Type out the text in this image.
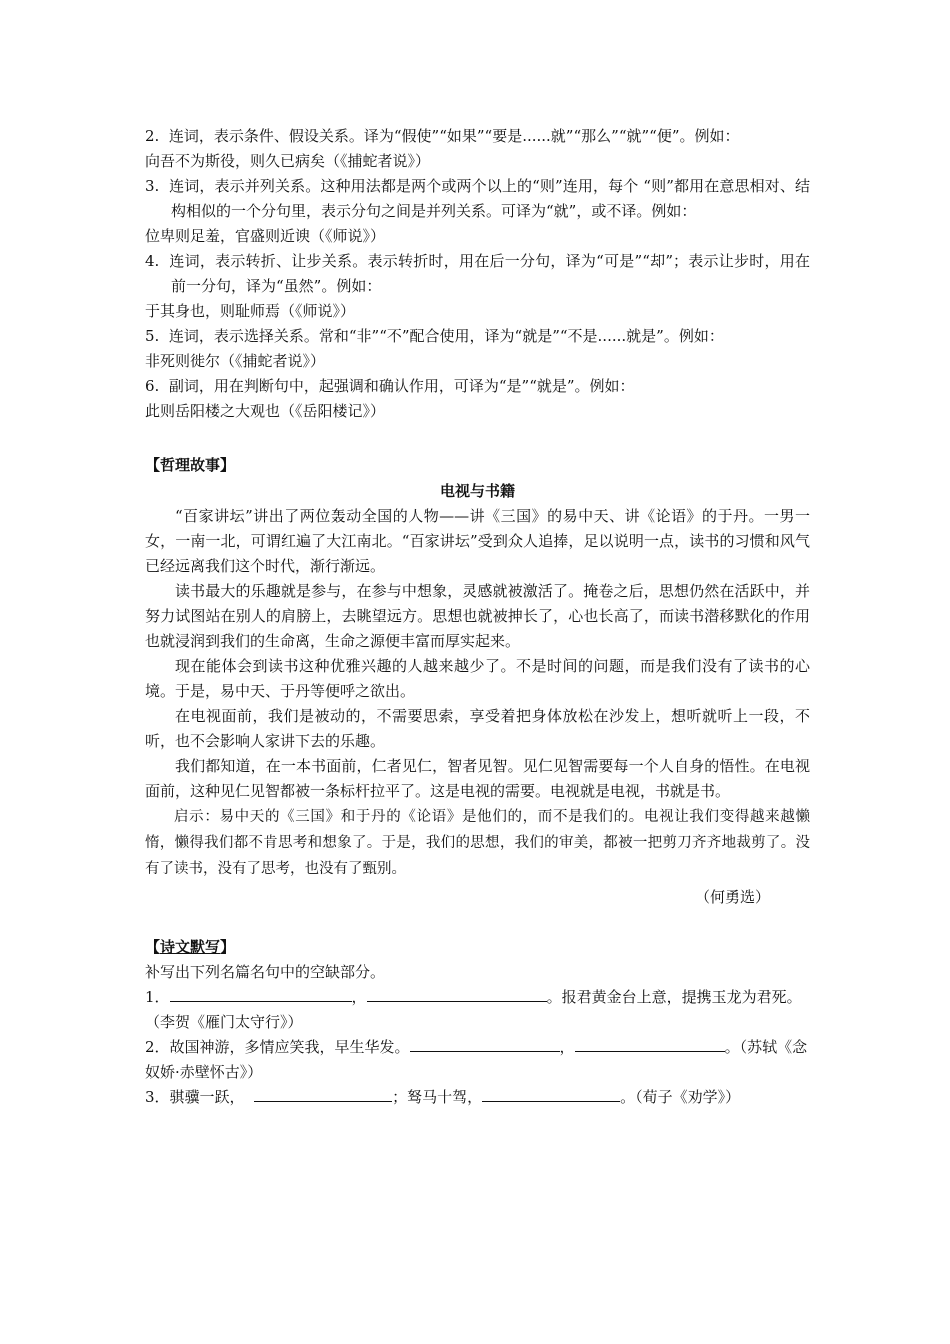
2. 连词，表示条件、假设关系。译为“假使”“如果”“要是......就”“那么”“就”“便”。例如：

向吾不为斯役，则久已病矣（《捕蛇者说》）

3. 连词，表示并列关系。这种用法都是两个或两个以上的“则”连用，每个 “则”都用在意思相对、结构相似的一个分句里，表示分句之间是并列关系。可译为“就”，或不译。例如：

位卑则足羞，官盛则近谀（《师说》）

4. 连词，表示转折、让步关系。表示转折时，用在后一分句，译为“可是”“却”；表示让步时，用在前一分句，译为“虽然”。例如：

于其身也，则耻师焉（《师说》）

5. 连词，表示选择关系。常和“非”“不”配合使用，译为“就是”“不是......就是”。例如：

非死则徙尔（《捕蛇者说》）

6. 副词，用在判断句中，起强调和确认作用，可译为“是”“就是”。例如：

此则岳阳楼之大观也（《岳阳楼记》）

【哲理故事】

电视与书籍

“百家讲坛”讲出了两位轰动全国的人物——讲《三国》的易中天、讲《论语》的于丹。一男一女，一南一北，可谓红遍了大江南北。“百家讲坛”受到众人追捧，足以说明一点，读书的习惯和风气已经远离我们这个时代，渐行渐远。

读书最大的乐趣就是参与，在参与中想象，灵感就被激活了。掩卷之后，思想仍然在活跃中，并努力试图站在别人的肩膀上，去眺望远方。思想也就被抻长了，心也长高了，而读书潜移默化的作用也就浸润到我们的生命离，生命之源便丰富而厚实起来。

现在能体会到读书这种优雅兴趣的人越来越少了。不是时间的问题，而是我们没有了读书的心境。于是，易中天、于丹等便呼之欲出。

在电视面前，我们是被动的，不需要思索，享受着把身体放松在沙发上，想听就听上一段，不听，也不会影响人家讲下去的乐趣。

我们都知道，在一本书面前，仁者见仁，智者见智。见仁见智需要每一个人自身的悟性。在电视面前，这种见仁见智都被一条标杆拉平了。这是电视的需要。电视就是电视，书就是书。

启示：易中天的《三国》和于丹的《论语》是他们的，而不是我们的。电视让我们变得越来越懒惰，懒得我们都不肯思考和想象了。于是，我们的思想，我们的审美，都被一把剪刀齐齐地裁剪了。没有了读书，没有了思考，也没有了甄别。

（何勇选）

【诗文默写】

补写出下列名篇名句中的空缺部分。

1．	，	。报君黄金台上意，提携玉龙为君死。（李贺《雁门太守行》）

2．故国神游，多情应笑我，早生华发。	，	。（苏轼《念奴娇·赤壁怀古》）

3．骐骥一跃，	；驽马十驾，	。（荀子《劝学》）
